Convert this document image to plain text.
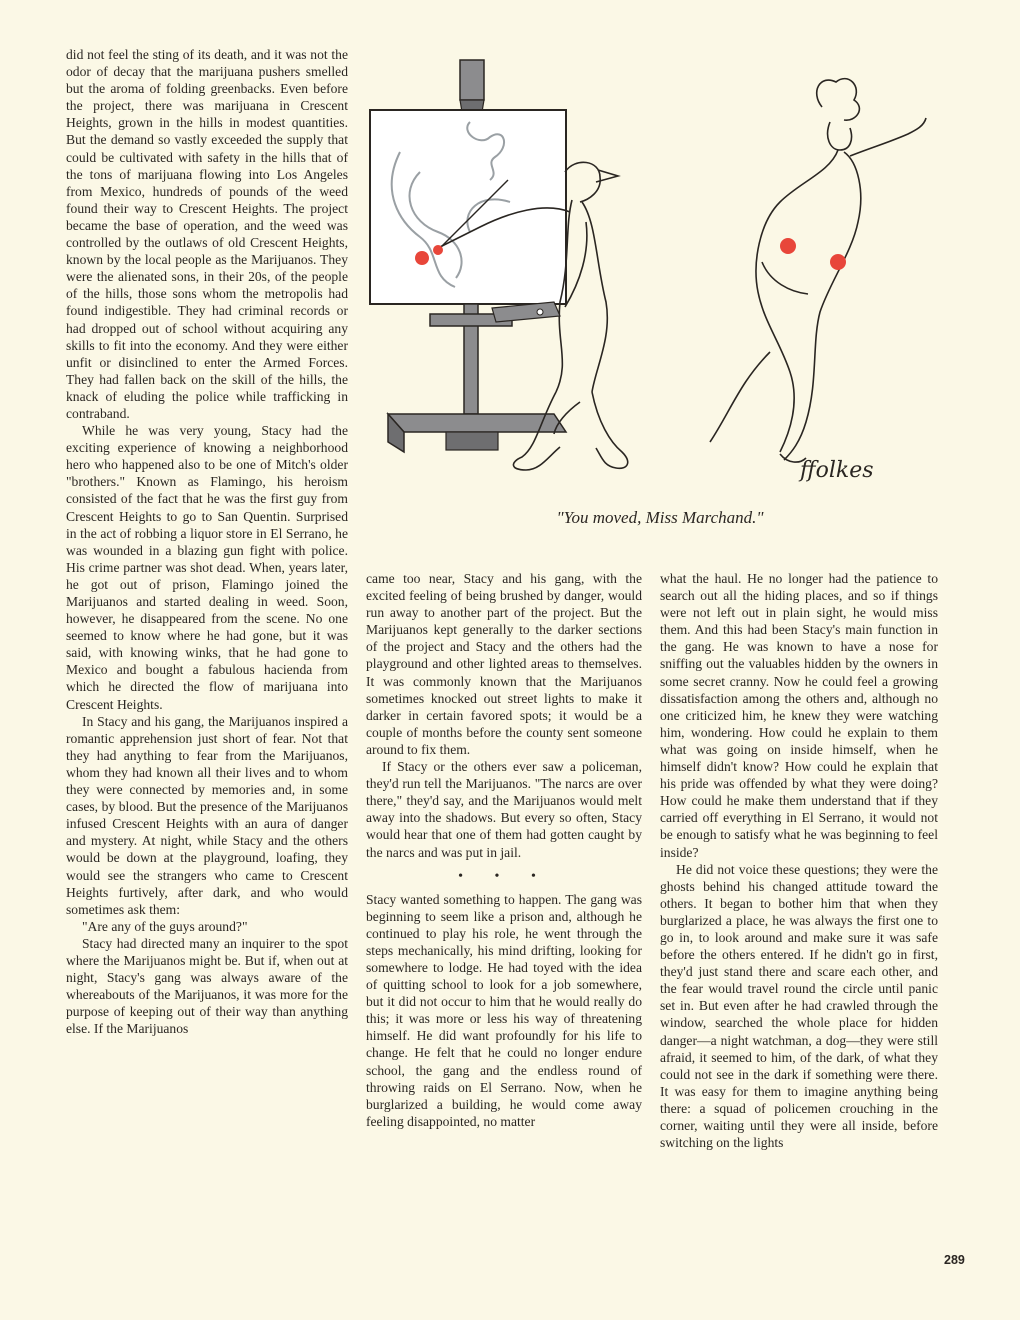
did not feel the sting of its death, and it was not the odor of decay that the marijuana pushers smelled but the aroma of folding greenbacks. Even before the project, there was marijuana in Crescent Heights, grown in the hills in modest quantities. But the demand so vastly exceeded the supply that could be cultivated with safety in the hills that of the tons of marijuana flowing into Los Angeles from Mexico, hundreds of pounds of the weed found their way to Crescent Heights. The project became the base of operation, and the weed was controlled by the outlaws of old Crescent Heights, known by the local people as the Marijuanos. They were the alienated sons, in their 20s, of the people of the hills, those sons whom the metropolis had found indigestible. They had criminal records or had dropped out of school without acquiring any skills to fit into the economy. And they were either unfit or disinclined to enter the Armed Forces. They had fallen back on the skill of the hills, the knack of eluding the police while trafficking in contraband.

While he was very young, Stacy had the exciting experience of knowing a neighborhood hero who happened also to be one of Mitch's older "brothers." Known as Flamingo, his heroism consisted of the fact that he was the first guy from Crescent Heights to go to San Quentin. Surprised in the act of robbing a liquor store in El Serrano, he was wounded in a blazing gun fight with police. His crime partner was shot dead. When, years later, he got out of prison, Flamingo joined the Marijuanos and started dealing in weed. Soon, however, he disappeared from the scene. No one seemed to know where he had gone, but it was said, with knowing winks, that he had gone to Mexico and bought a fabulous hacienda from which he directed the flow of marijuana into Crescent Heights.

In Stacy and his gang, the Marijuanos inspired a romantic apprehension just short of fear. Not that they had anything to fear from the Marijuanos, whom they had known all their lives and to whom they were connected by memories and, in some cases, by blood. But the presence of the Marijuanos infused Crescent Heights with an aura of danger and mystery. At night, while Stacy and the others would be down at the playground, loafing, they would see the strangers who came to Crescent Heights furtively, after dark, and who would sometimes ask them:

"Are any of the guys around?"

Stacy had directed many an inquirer to the spot where the Marijuanos might be. But if, when out at night, Stacy's gang was always aware of the whereabouts of the Marijuanos, it was more for the purpose of keeping out of their way than anything else. If the Marijuanos

ffolkes
"You moved, Miss Marchand."

came too near, Stacy and his gang, with the excited feeling of being brushed by danger, would run away to another part of the project. But the Marijuanos kept generally to the darker sections of the project and Stacy and the others had the playground and other lighted areas to themselves. It was commonly known that the Marijuanos sometimes knocked out street lights to make it darker in certain favored spots; it would be a couple of months before the county sent someone around to fix them.

If Stacy or the others ever saw a policeman, they'd run tell the Marijuanos. "The narcs are over there," they'd say, and the Marijuanos would melt away into the shadows. But every so often, Stacy would hear that one of them had gotten caught by the narcs and was put in jail.

• • •

Stacy wanted something to happen. The gang was beginning to seem like a prison and, although he continued to play his role, he went through the steps mechanically, his mind drifting, looking for somewhere to lodge. He had toyed with the idea of quitting school to look for a job somewhere, but it did not occur to him that he would really do this; it was more or less his way of threatening himself. He did want profoundly for his life to change. He felt that he could no longer endure school, the gang and the endless round of throwing raids on El Serrano. Now, when he burglarized a building, he would come away feeling disappointed, no matter

what the haul. He no longer had the patience to search out all the hiding places, and so if things were not left out in plain sight, he would miss them. And this had been Stacy's main function in the gang. He was known to have a nose for sniffing out the valuables hidden by the owners in some secret cranny. Now he could feel a growing dissatisfaction among the others and, although no one criticized him, he knew they were watching him, wondering. How could he explain to them what was going on inside himself, when he himself didn't know? How could he explain that his pride was offended by what they were doing? How could he make them understand that if they carried off everything in El Serrano, it would not be enough to satisfy what he was beginning to feel inside?

He did not voice these questions; they were the ghosts behind his changed attitude toward the others. It began to bother him that when they burglarized a place, he was always the first one to go in, to look around and make sure it was safe before the others entered. If he didn't go in first, they'd just stand there and scare each other, and the fear would travel round the circle until panic set in. But even after he had crawled through the window, searched the whole place for hidden danger—a night watchman, a dog—they were still afraid, it seemed to him, of the dark, of what they could not see in the dark if something were there. It was easy for them to imagine anything being there: a squad of policemen crouching in the corner, waiting until they were all inside, before switching on the lights

289
